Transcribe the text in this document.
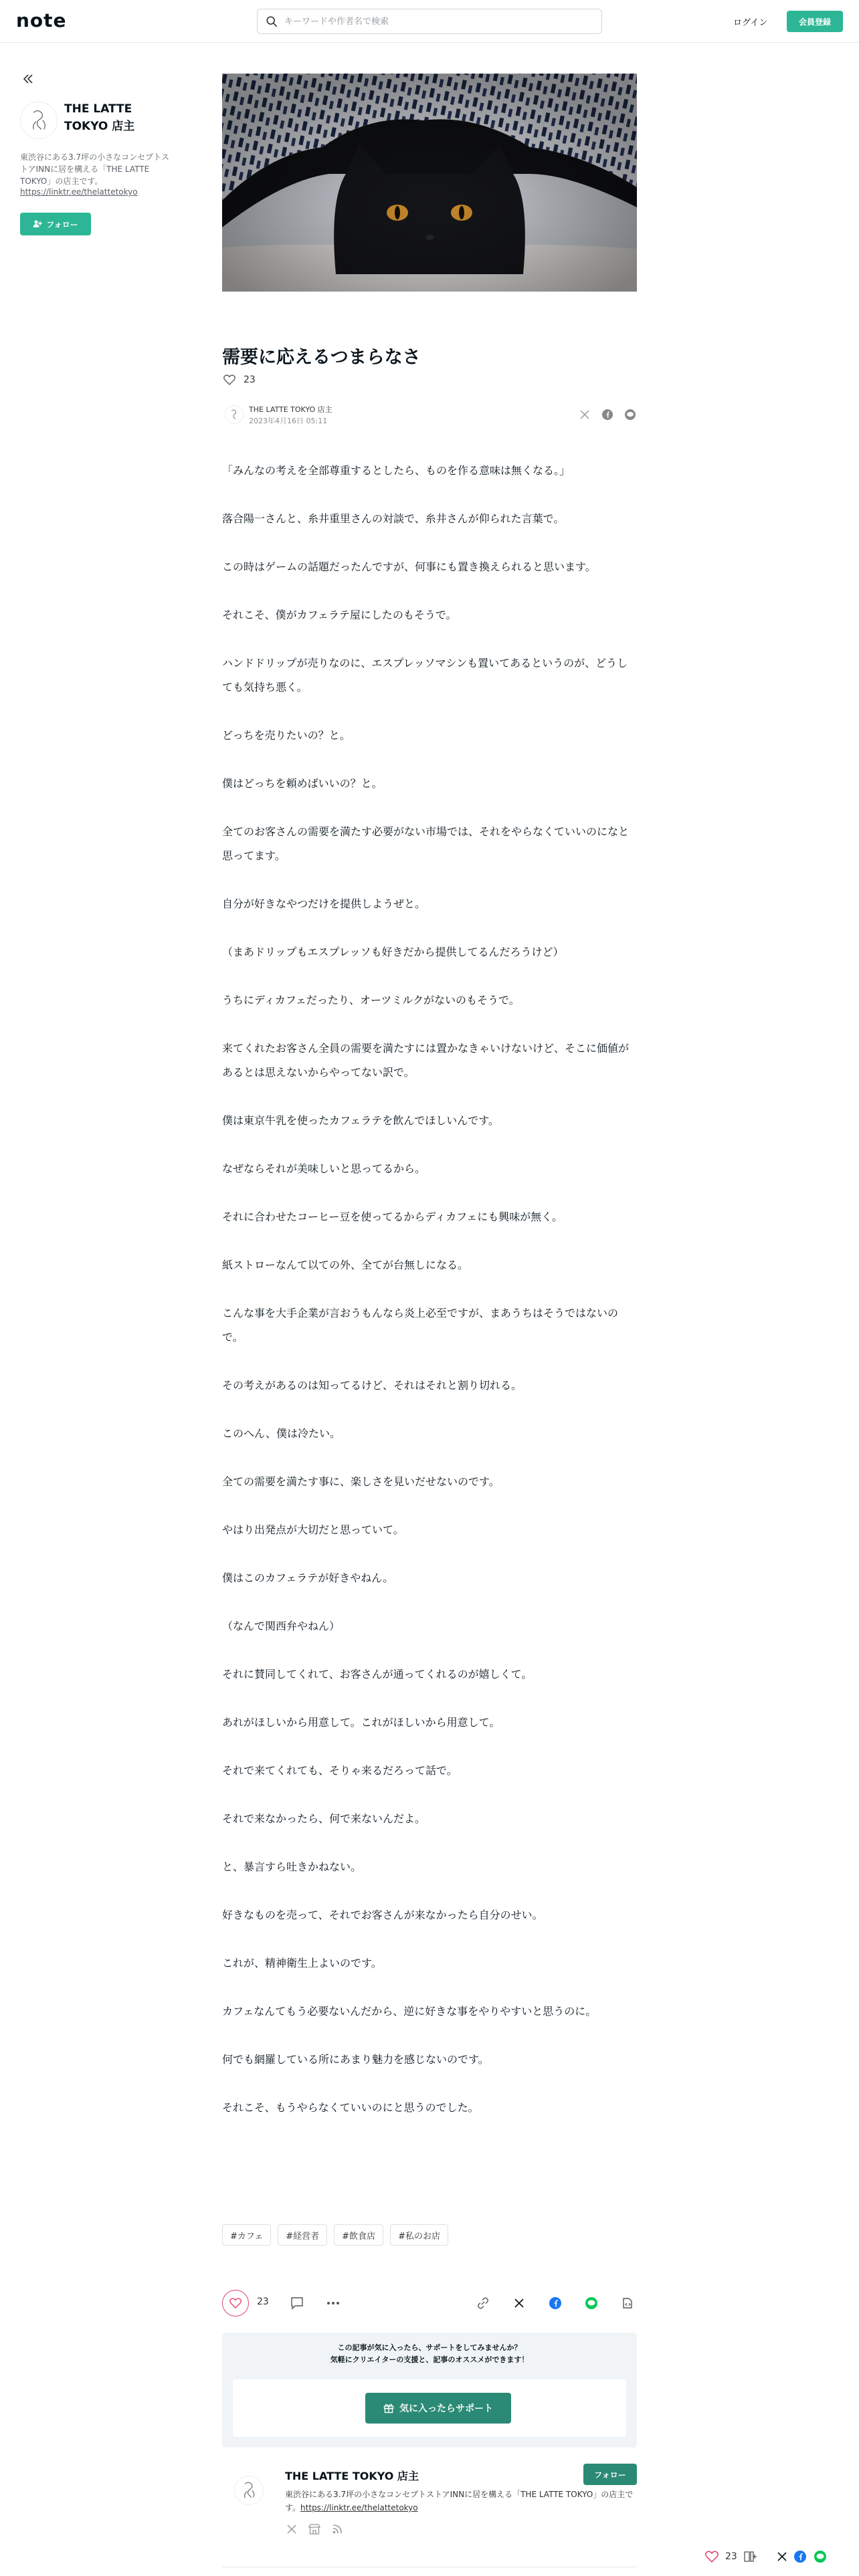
note
キーワードや作者名で検索	ログイン	会員登録
THE LATTE TOKYO 店主
東渋谷にある3.7坪の小さなコンセプトストアINNに居を構える「THE LATTE TOKYO」の店主です。
https://linktr.ee/thelattetokyo
フォロー
需要に応えるつまらなさ
23
THE LATTE TOKYO 店主
2023年4月16日 05:11

「みんなの考えを全部尊重するとしたら、ものを作る意味は無くなる。」

落合陽一さんと、糸井重里さんの対談で、糸井さんが仰られた言葉で。

この時はゲームの話題だったんですが、何事にも置き換えられると思います。

それこそ、僕がカフェラテ屋にしたのもそうで。

ハンドドリップが売りなのに、エスプレッソマシンも置いてあるというのが、どうしても気持ち悪く。

どっちを売りたいの？と。

僕はどっちを頼めばいいの？と。

全てのお客さんの需要を満たす必要がない市場では、それをやらなくていいのになと思ってます。

自分が好きなやつだけを提供しようぜと。

（まあドリップもエスプレッソも好きだから提供してるんだろうけど）

うちにディカフェだったり、オーツミルクがないのもそうで。

来てくれたお客さん全員の需要を満たすには置かなきゃいけないけど、そこに価値があるとは思えないからやってない訳で。

僕は東京牛乳を使ったカフェラテを飲んでほしいんです。

なぜならそれが美味しいと思ってるから。

それに合わせたコーヒー豆を使ってるからディカフェにも興味が無く。

紙ストローなんて以ての外、全てが台無しになる。

こんな事を大手企業が言おうもんなら炎上必至ですが、まあうちはそうではないので。

その考えがあるのは知ってるけど、それはそれと割り切れる。

このへん、僕は冷たい。

全ての需要を満たす事に、楽しさを見いだせないのです。

やはり出発点が大切だと思っていて。

僕はこのカフェラテが好きやねん。

（なんで関西弁やねん）

それに賛同してくれて、お客さんが通ってくれるのが嬉しくて。

あれがほしいから用意して。これがほしいから用意して。

それで来てくれても、そりゃ来るだろって話で。

それで来なかったら、何で来ないんだよ。

と、暴言すら吐きかねない。

好きなものを売って、それでお客さんが来なかったら自分のせい。

これが、精神衛生上よいのです。

カフェなんてもう必要ないんだから、逆に好きな事をやりやすいと思うのに。

何でも網羅している所にあまり魅力を感じないのです。

それこそ、もうやらなくていいのにと思うのでした。

#カフェ	#経営者	#飲食店	#私のお店
23
この記事が気に入ったら、サポートをしてみませんか？
気軽にクリエイターの支援と、記事のオススメができます！
気に入ったらサポート
THE LATTE TOKYO 店主	フォロー
東渋谷にある3.7坪の小さなコンセプトストアINNに居を構える「THE LATTE TOKYO」の店主です。https://linktr.ee/thelattetokyo
23
